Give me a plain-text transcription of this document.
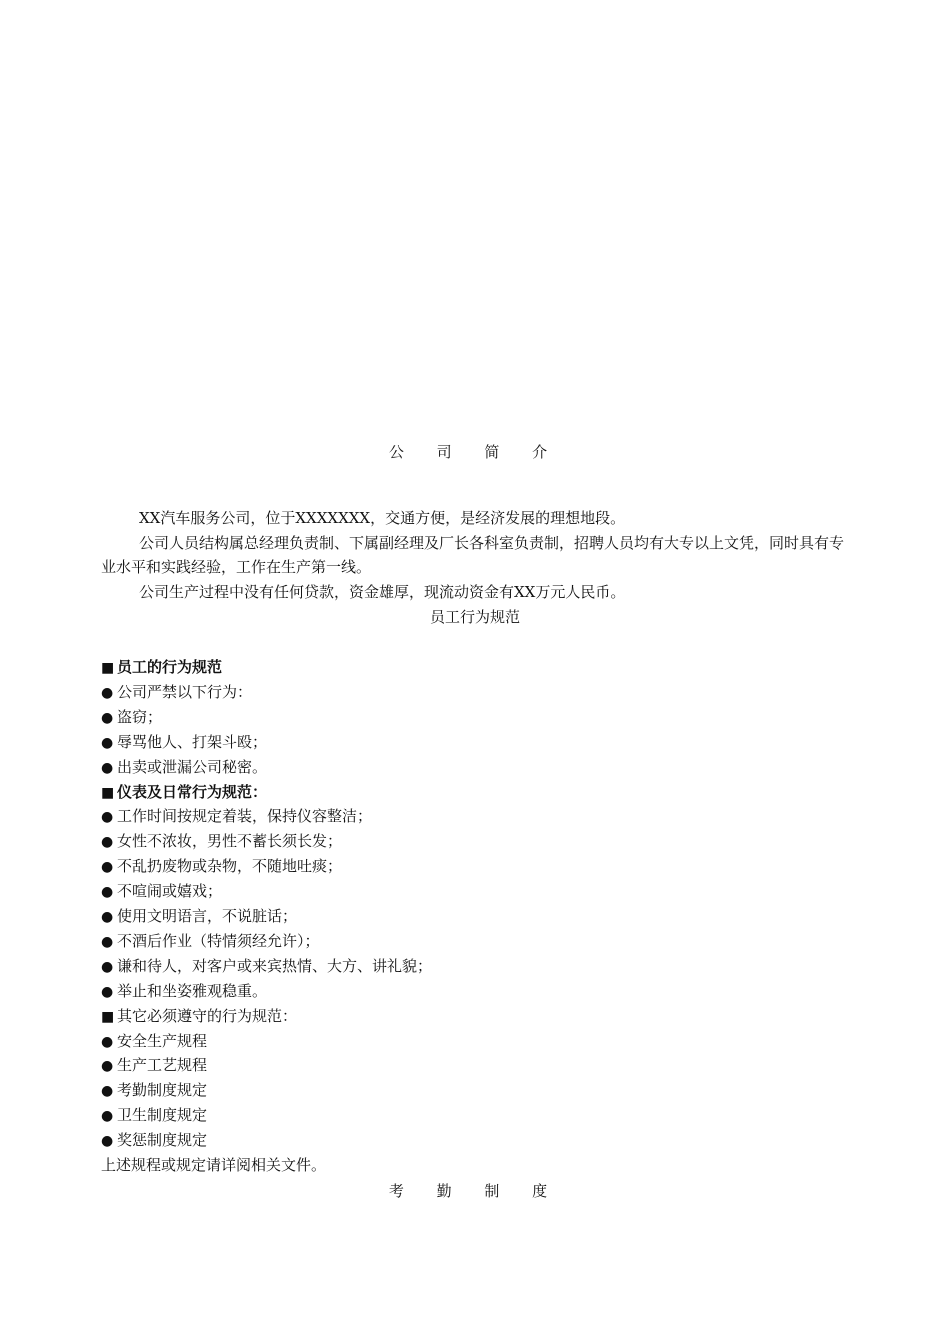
公 司 简 介
XX汽车服务公司，位于XXXXXXX，交通方便，是经济发展的理想地段。
公司人员结构属总经理负责制、下属副经理及厂长各科室负责制，招聘人员均有大专以上文凭，同时具有专业水平和实践经验，工作在生产第一线。
公司生产过程中没有任何贷款，资金雄厚，现流动资金有XX万元人民币。
员工行为规范
■ 员工的行为规范
● 公司严禁以下行为：
● 盗窃；
● 辱骂他人、打架斗殴；
● 出卖或泄漏公司秘密。
■ 仪表及日常行为规范：
● 工作时间按规定着装，保持仪容整洁；
● 女性不浓妆，男性不蓄长须长发；
● 不乱扔废物或杂物，不随地吐痰；
● 不喧闹或嬉戏；
● 使用文明语言，不说脏话；
● 不酒后作业（特情须经允许）；
● 谦和待人，对客户或来宾热情、大方、讲礼貌；
● 举止和坐姿雅观稳重。
■ 其它必须遵守的行为规范：
● 安全生产规程
● 生产工艺规程
● 考勤制度规定
● 卫生制度规定
● 奖惩制度规定
上述规程或规定请详阅相关文件。
考 勤 制 度
